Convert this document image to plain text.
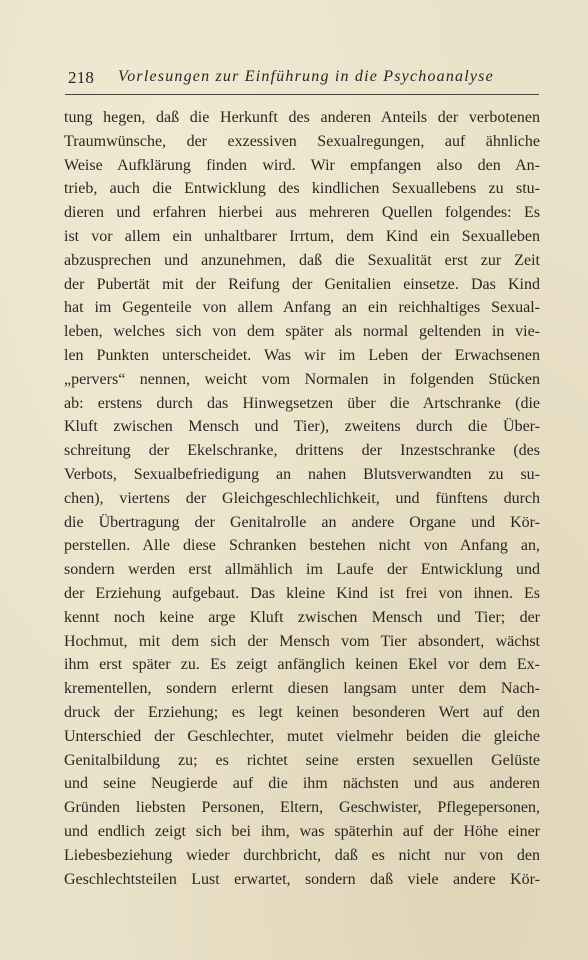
218 Vorlesungen zur Einführung in die Psychoanalyse
tung hegen, daß die Herkunft des anderen Anteils der verbotenen
Traumwünsche, der exzessiven Sexualregungen, auf ähnliche
Weise Aufklärung finden wird. Wir empfangen also den An-
trieb, auch die Entwicklung des kindlichen Sexuallebens zu stu-
dieren und erfahren hierbei aus mehreren Quellen folgendes: Es
ist vor allem ein unhaltbarer Irrtum, dem Kind ein Sexualleben
abzusprechen und anzunehmen, daß die Sexualität erst zur Zeit
der Pubertät mit der Reifung der Genitalien einsetze. Das Kind
hat im Gegenteile von allem Anfang an ein reichhaltiges Sexual-
leben, welches sich von dem später als normal geltenden in vie-
len Punkten unterscheidet. Was wir im Leben der Erwachsenen
„pervers“ nennen, weicht vom Normalen in folgenden Stücken
ab: erstens durch das Hinwegsetzen über die Artschranke (die
Kluft zwischen Mensch und Tier), zweitens durch die Über-
schreitung der Ekelschranke, drittens der Inzestschranke (des
Verbots, Sexualbefriedigung an nahen Blutsverwandten zu su-
chen), viertens der Gleichgeschlechlichkeit, und fünftens durch
die Übertragung der Genitalrolle an andere Organe und Kör-
perstellen. Alle diese Schranken bestehen nicht von Anfang an,
sondern werden erst allmählich im Laufe der Entwicklung und
der Erziehung aufgebaut. Das kleine Kind ist frei von ihnen. Es
kennt noch keine arge Kluft zwischen Mensch und Tier; der
Hochmut, mit dem sich der Mensch vom Tier absondert, wächst
ihm erst später zu. Es zeigt anfänglich keinen Ekel vor dem Ex-
krementellen, sondern erlernt diesen langsam unter dem Nach-
druck der Erziehung; es legt keinen besonderen Wert auf den
Unterschied der Geschlechter, mutet vielmehr beiden die gleiche
Genitalbildung zu; es richtet seine ersten sexuellen Gelüste
und seine Neugierde auf die ihm nächsten und aus anderen
Gründen liebsten Personen, Eltern, Geschwister, Pflegepersonen,
und endlich zeigt sich bei ihm, was späterhin auf der Höhe einer
Liebesbeziehung wieder durchbricht, daß es nicht nur von den
Geschlechtsteilen Lust erwartet, sondern daß viele andere Kör-
